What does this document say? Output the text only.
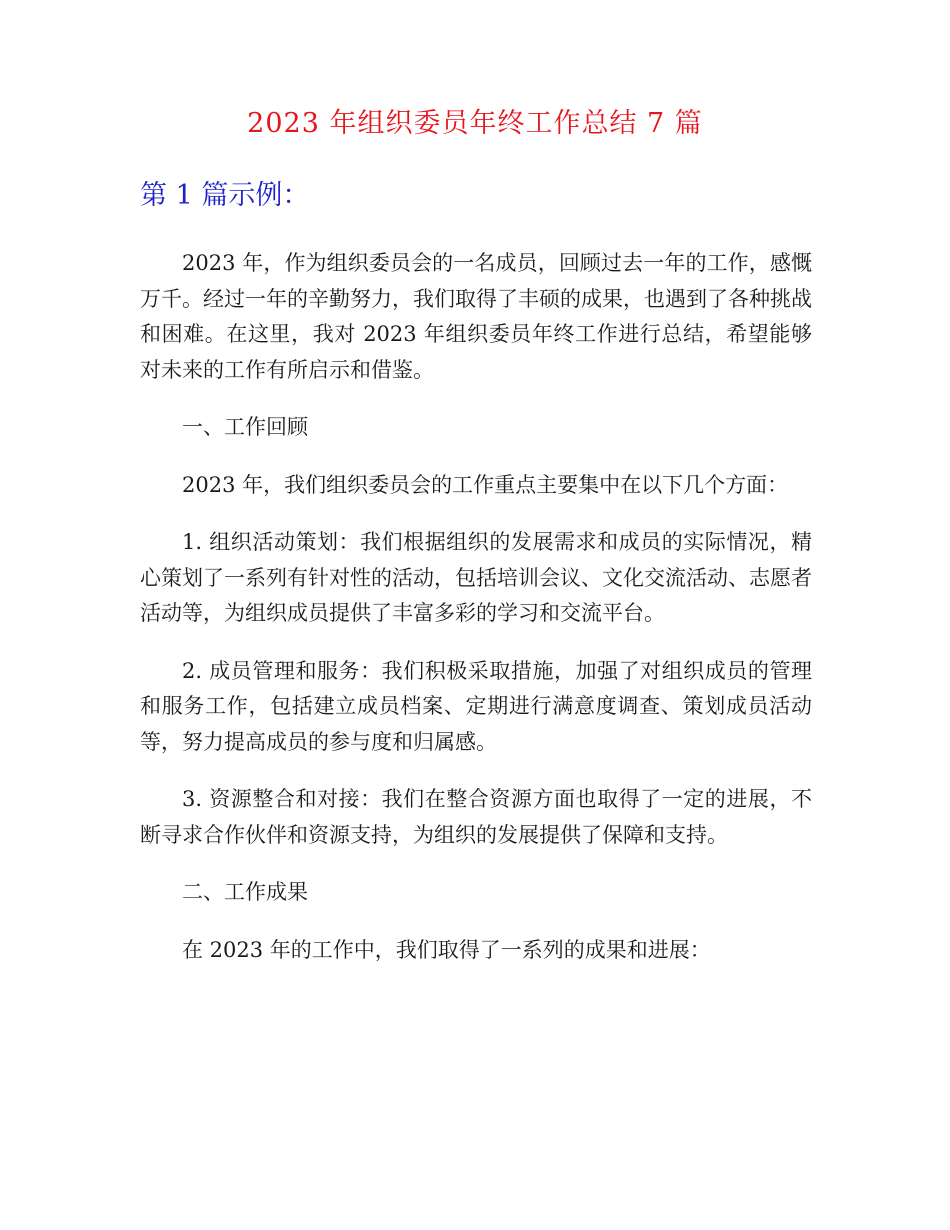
2023 年组织委员年终工作总结 7 篇
第 1 篇示例：

2023 年，作为组织委员会的一名成员，回顾过去一年的工作，感慨万千。经过一年的辛勤努力，我们取得了丰硕的成果，也遇到了各种挑战和困难。在这里，我对 2023 年组织委员年终工作进行总结，希望能够对未来的工作有所启示和借鉴。

一、工作回顾

2023 年，我们组织委员会的工作重点主要集中在以下几个方面：

1. 组织活动策划：我们根据组织的发展需求和成员的实际情况，精心策划了一系列有针对性的活动，包括培训会议、文化交流活动、志愿者活动等，为组织成员提供了丰富多彩的学习和交流平台。

2. 成员管理和服务：我们积极采取措施，加强了对组织成员的管理和服务工作，包括建立成员档案、定期进行满意度调查、策划成员活动等，努力提高成员的参与度和归属感。

3. 资源整合和对接：我们在整合资源方面也取得了一定的进展，不断寻求合作伙伴和资源支持，为组织的发展提供了保障和支持。

二、工作成果

在 2023 年的工作中，我们取得了一系列的成果和进展：
